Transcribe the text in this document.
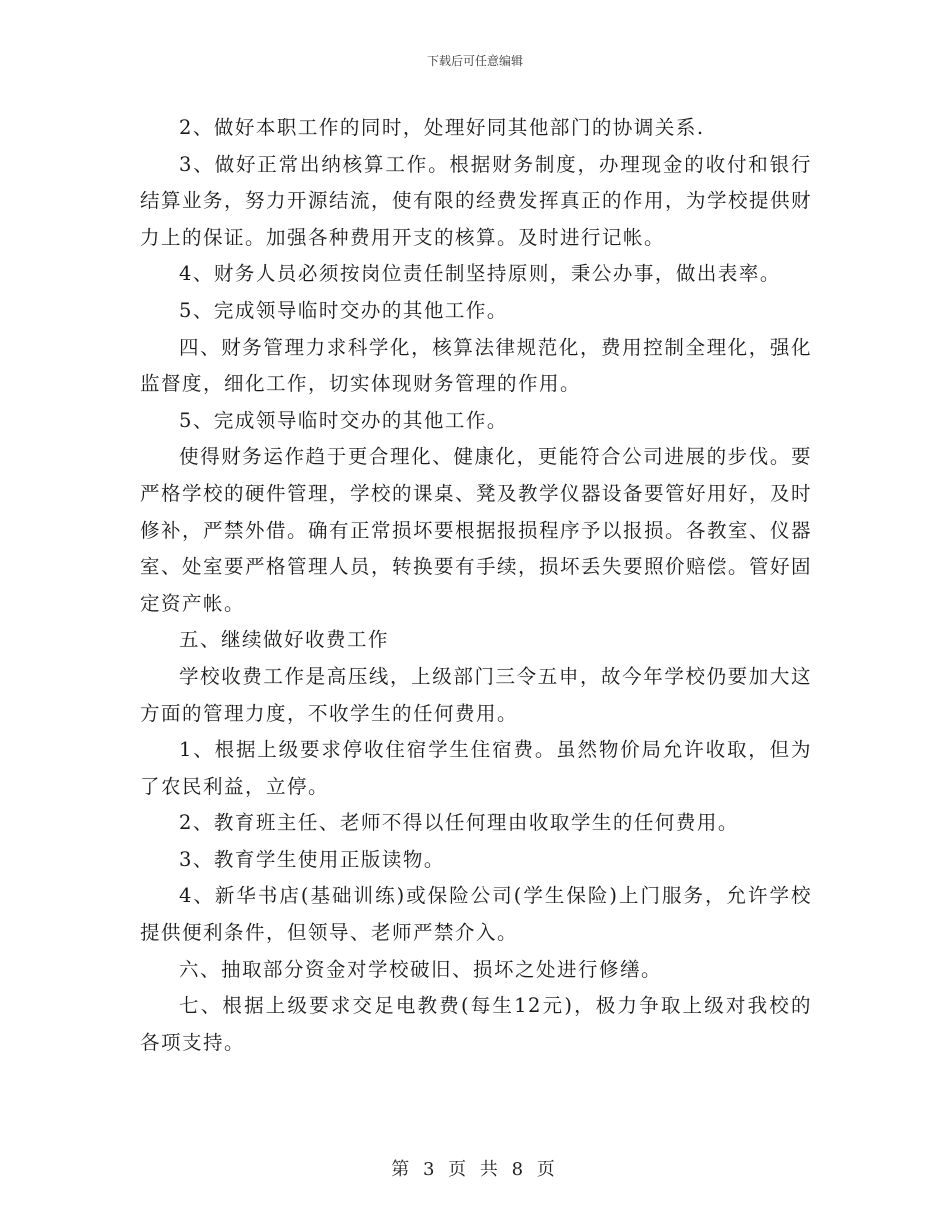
下载后可任意编辑

2、做好本职工作的同时，处理好同其他部门的协调关系.

3、做好正常出纳核算工作。根据财务制度，办理现金的收付和银行结算业务，努力开源结流，使有限的经费发挥真正的作用，为学校提供财力上的保证。加强各种费用开支的核算。及时进行记帐。

4、财务人员必须按岗位责任制坚持原则，秉公办事，做出表率。

5、完成领导临时交办的其他工作。

四、财务管理力求科学化，核算法律规范化，费用控制全理化，强化监督度，细化工作，切实体现财务管理的作用。

5、完成领导临时交办的其他工作。

使得财务运作趋于更合理化、健康化，更能符合公司进展的步伐。要严格学校的硬件管理，学校的课桌、凳及教学仪器设备要管好用好，及时修补，严禁外借。确有正常损坏要根据报损程序予以报损。各教室、仪器室、处室要严格管理人员，转换要有手续，损坏丢失要照价赔偿。管好固定资产帐。

五、继续做好收费工作

学校收费工作是高压线，上级部门三令五申，故今年学校仍要加大这方面的管理力度，不收学生的任何费用。

1、根据上级要求停收住宿学生住宿费。虽然物价局允许收取，但为了农民利益，立停。

2、教育班主任、老师不得以任何理由收取学生的任何费用。

3、教育学生使用正版读物。

4、新华书店(基础训练)或保险公司(学生保险)上门服务，允许学校提供便利条件，但领导、老师严禁介入。

六、抽取部分资金对学校破旧、损坏之处进行修缮。

七、根据上级要求交足电教费(每生12元)，极力争取上级对我校的各项支持。

第 3 页 共 8 页
